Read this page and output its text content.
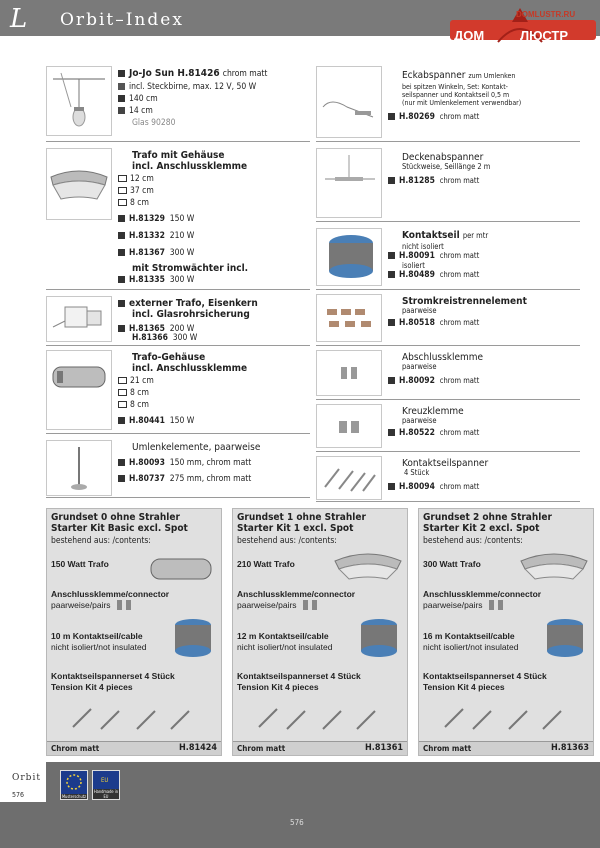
L Orbit–Index	DOMLUSTR.RU
ДОМ	ЛЮСТР
Jo-Jo Sun H.81426 chrom matt
incl. Steckbirne, max. 12 V, 50 W
140 cm
14 cm
Glas 90280
Trafo mit Gehäuse
incl. Anschlussklemme
12 cm
37 cm
8 cm
H.81329 150 W
H.81332 210 W
H.81367 300 W
mit Stromwächter incl.
H.81335 300 W
externer Trafo, Eisenkern
incl. Glasrohrsicherung
H.81365 200 W
H.81366 300 W
Trafo-Gehäuse
incl. Anschlussklemme
21 cm
8 cm
8 cm
H.80441 150 W
Umlenkelemente, paarweise
H.80093 150 mm, chrom matt
H.80737 275 mm, chrom matt
Eckabspanner zum Umlenken
bei spitzen Winkeln, Set: Kontakt-
seilspanner und Kontaktseil 0,5 m
(nur mit Umlenkelement verwendbar)
H.80269 chrom matt
Deckenabspanner
Stückweise, Seillänge 2 m
H.81285 chrom matt
Kontaktseil per mtr
nicht isoliert
H.80091 chrom matt
isoliert
H.80489 chrom matt
Stromkreistrennelement
paarweise
H.80518 chrom matt
Abschlussklemme
paarweise
H.80092 chrom matt
Kreuzklemme
paarweise
H.80522 chrom matt
Kontaktseilspanner
4 Stück
H.80094 chrom matt
Grundset 0 ohne Strahler
Starter Kit Basic excl. Spot
bestehend aus: /contents:
150 Watt Trafo
Anschlussklemme/connector
paarweise/pairs
10 m Kontaktseil/cable
nicht isoliert/not insulated
Kontaktseilspannerset 4 Stück
Tension Kit 4 pieces
Chrom matt	H.81424
Grundset 1 ohne Strahler
Starter Kit 1 excl. Spot
bestehend aus: /contents:
210 Watt Trafo
Anschlussklemme/connector
paarweise/pairs
12 m Kontaktseil/cable
nicht isoliert/not insulated
Kontaktseilspannerset 4 Stück
Tension Kit 4 pieces
Chrom matt	H.81361
Grundset 2 ohne Strahler
Starter Kit 2 excl. Spot
bestehend aus: /contents:
300 Watt Trafo
Anschlussklemme/connector
paarweise/pairs
16 m Kontaktseil/cable
nicht isoliert/not insulated
Kontaktseilspannerset 4 Stück
Tension Kit 4 pieces
Chrom matt	H.81363
Orbit
576	Musterschutz
EU
Handmade in EU
576
